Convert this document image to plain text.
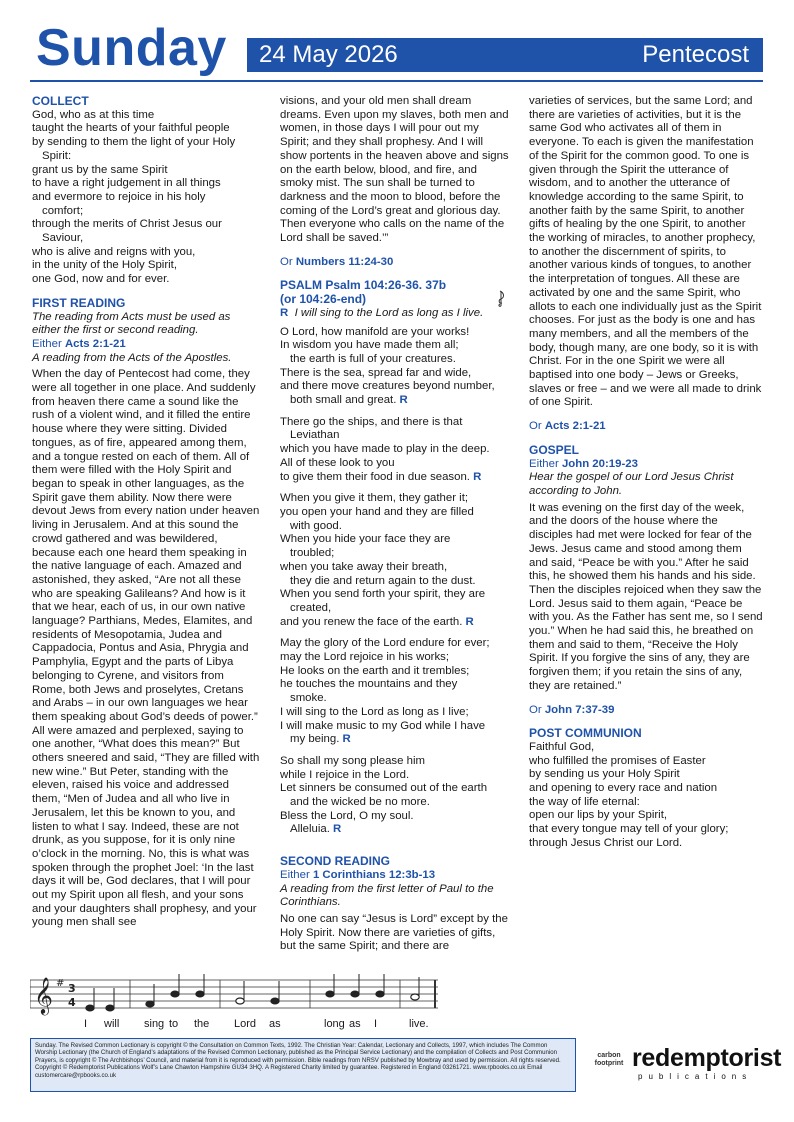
Sunday 24 May 2026	Pentecost

COLLECT

God, who as at this time

taught the hearts of your faithful people

by sending to them the light of your Holy

Spirit:

grant us by the same Spirit

to have a right judgement in all things

and evermore to rejoice in his holy

comfort;

through the merits of Christ Jesus our

Saviour,

who is alive and reigns with you,

in the unity of the Holy Spirit,

one God, now and for ever.

FIRST READING

The reading from Acts must be used as either the first or second reading.

Either Acts 2:1-21

A reading from the Acts of the Apostles.

When the day of Pentecost had come, they were all together in one place. And suddenly from heaven there came a sound like the rush of a violent wind, and it filled the entire house where they were sitting. Divided tongues, as of fire, appeared among them, and a tongue rested on each of them. All of them were filled with the Holy Spirit and began to speak in other languages, as the Spirit gave them ability. Now there were devout Jews from every nation under heaven living in Jerusalem. And at this sound the crowd gathered and was bewildered, because each one heard them speaking in the native language of each. Amazed and astonished, they asked, “Are not all these who are speaking Galileans? And how is it that we hear, each of us, in our own native language? Parthians, Medes, Elamites, and residents of Mesopotamia, Judea and Cappadocia, Pontus and Asia, Phrygia and Pamphylia, Egypt and the parts of Libya belonging to Cyrene, and visitors from Rome, both Jews and proselytes, Cretans and Arabs – in our own languages we hear them speaking about God’s deeds of power.” All were amazed and perplexed, saying to one another, “What does this mean?” But others sneered and said, “They are filled with new wine.” But Peter, standing with the eleven, raised his voice and addressed them, “Men of Judea and all who live in Jerusalem, let this be known to you, and listen to what I say. Indeed, these are not drunk, as you suppose, for it is only nine o’clock in the morning. No, this is what was spoken through the prophet Joel: ‘In the last days it will be, God declares, that I will pour out my Spirit upon all flesh, and your sons and your daughters shall prophesy, and your young men shall see

visions, and your old men shall dream dreams. Even upon my slaves, both men and women, in those days I will pour out my Spirit; and they shall prophesy. And I will show portents in the heaven above and signs on the earth below, blood, and fire, and smoky mist. The sun shall be turned to darkness and the moon to blood, before the coming of the Lord’s great and glorious day. Then everyone who calls on the name of the Lord shall be saved.’”

Or Numbers 11:24-30

PSALM Psalm 104:26-36. 37b

(or 104:26-end)

R I will sing to the Lord as long as I live.

O Lord, how manifold are your works!

In wisdom you have made them all;

the earth is full of your creatures.

There is the sea, spread far and wide,

and there move creatures beyond number,

both small and great. R

There go the ships, and there is that

Leviathan

which you have made to play in the deep.

All of these look to you

to give them their food in due season. R

When you give it them, they gather it;

you open your hand and they are filled

with good.

When you hide your face they are

troubled;

when you take away their breath,

they die and return again to the dust.

When you send forth your spirit, they are

created,

and you renew the face of the earth. R

May the glory of the Lord endure for ever;

may the Lord rejoice in his works;

He looks on the earth and it trembles;

he touches the mountains and they

smoke.

I will sing to the Lord as long as I live;

I will make music to my God while I have

my being. R

So shall my song please him

while I rejoice in the Lord.

Let sinners be consumed out of the earth

and the wicked be no more.

Bless the Lord, O my soul.

Alleluia. R

SECOND READING

Either 1 Corinthians 12:3b-13

A reading from the first letter of Paul to the Corinthians.

No one can say “Jesus is Lord” except by the Holy Spirit. Now there are varieties of gifts, but the same Spirit; and there are

varieties of services, but the same Lord; and there are varieties of activities, but it is the same God who activates all of them in everyone. To each is given the manifestation of the Spirit for the common good. To one is given through the Spirit the utterance of wisdom, and to another the utterance of knowledge according to the same Spirit, to another faith by the same Spirit, to another gifts of healing by the one Spirit, to another the working of miracles, to another prophecy, to another the discernment of spirits, to another various kinds of tongues, to another the interpretation of tongues. All these are activated by one and the same Spirit, who allots to each one individually just as the Spirit chooses. For just as the body is one and has many members, and all the members of the body, though many, are one body, so it is with Christ. For in the one Spirit we were all baptised into one body – Jews or Greeks, slaves or free – and we were all made to drink of one Spirit.

Or Acts 2:1-21

GOSPEL

Either John 20:19-23

Hear the gospel of our Lord Jesus Christ according to John.

It was evening on the first day of the week, and the doors of the house where the disciples had met were locked for fear of the Jews. Jesus came and stood among them and said, “Peace be with you.” After he said this, he showed them his hands and his side. Then the disciples rejoiced when they saw the Lord. Jesus said to them again, “Peace be with you. As the Father has sent me, so I send you.” When he had said this, he breathed on them and said to them, “Receive the Holy Spirit. If you forgive the sins of any, they are forgiven them; if you retain the sins of any, they are retained.”

Or John 7:37-39

POST COMMUNION

Faithful God,

who fulfilled the promises of Easter

by sending us your Holy Spirit

and opening to every race and nation

the way of life eternal:

open our lips by your Spirit,

that every tongue may tell of your glory;

through Jesus Christ our Lord.

𝄞 # 3
4
I will sing to the Lord as	long as I	live.
Sunday. The Revised Common Lectionary is copyright © the Consultation on Common Texts, 1992. The Christian Year: Calendar, Lectionary and Collects, 1997, which includes The Common Worship Lectionary (the Church of England’s adaptations of the Revised Common Lectionary, published as the Principal Service Lectionary) and the compilation of Collects and Post Communion Prayers, is copyright © The Archbishops’ Council, and material from it is reproduced with permission. Bible readings from NRSV published by Mowbray and used by permission. All rights reserved. Copyright © Redemptorist Publications Wolf’s Lane Chawton Hampshire GU34 3HQ. A Registered Charity limited by guarantee. Registered in England 03261721. www.rpbooks.co.uk Email customercare@rpbooks.co.uk
carbon footprint redemptorist
publications
